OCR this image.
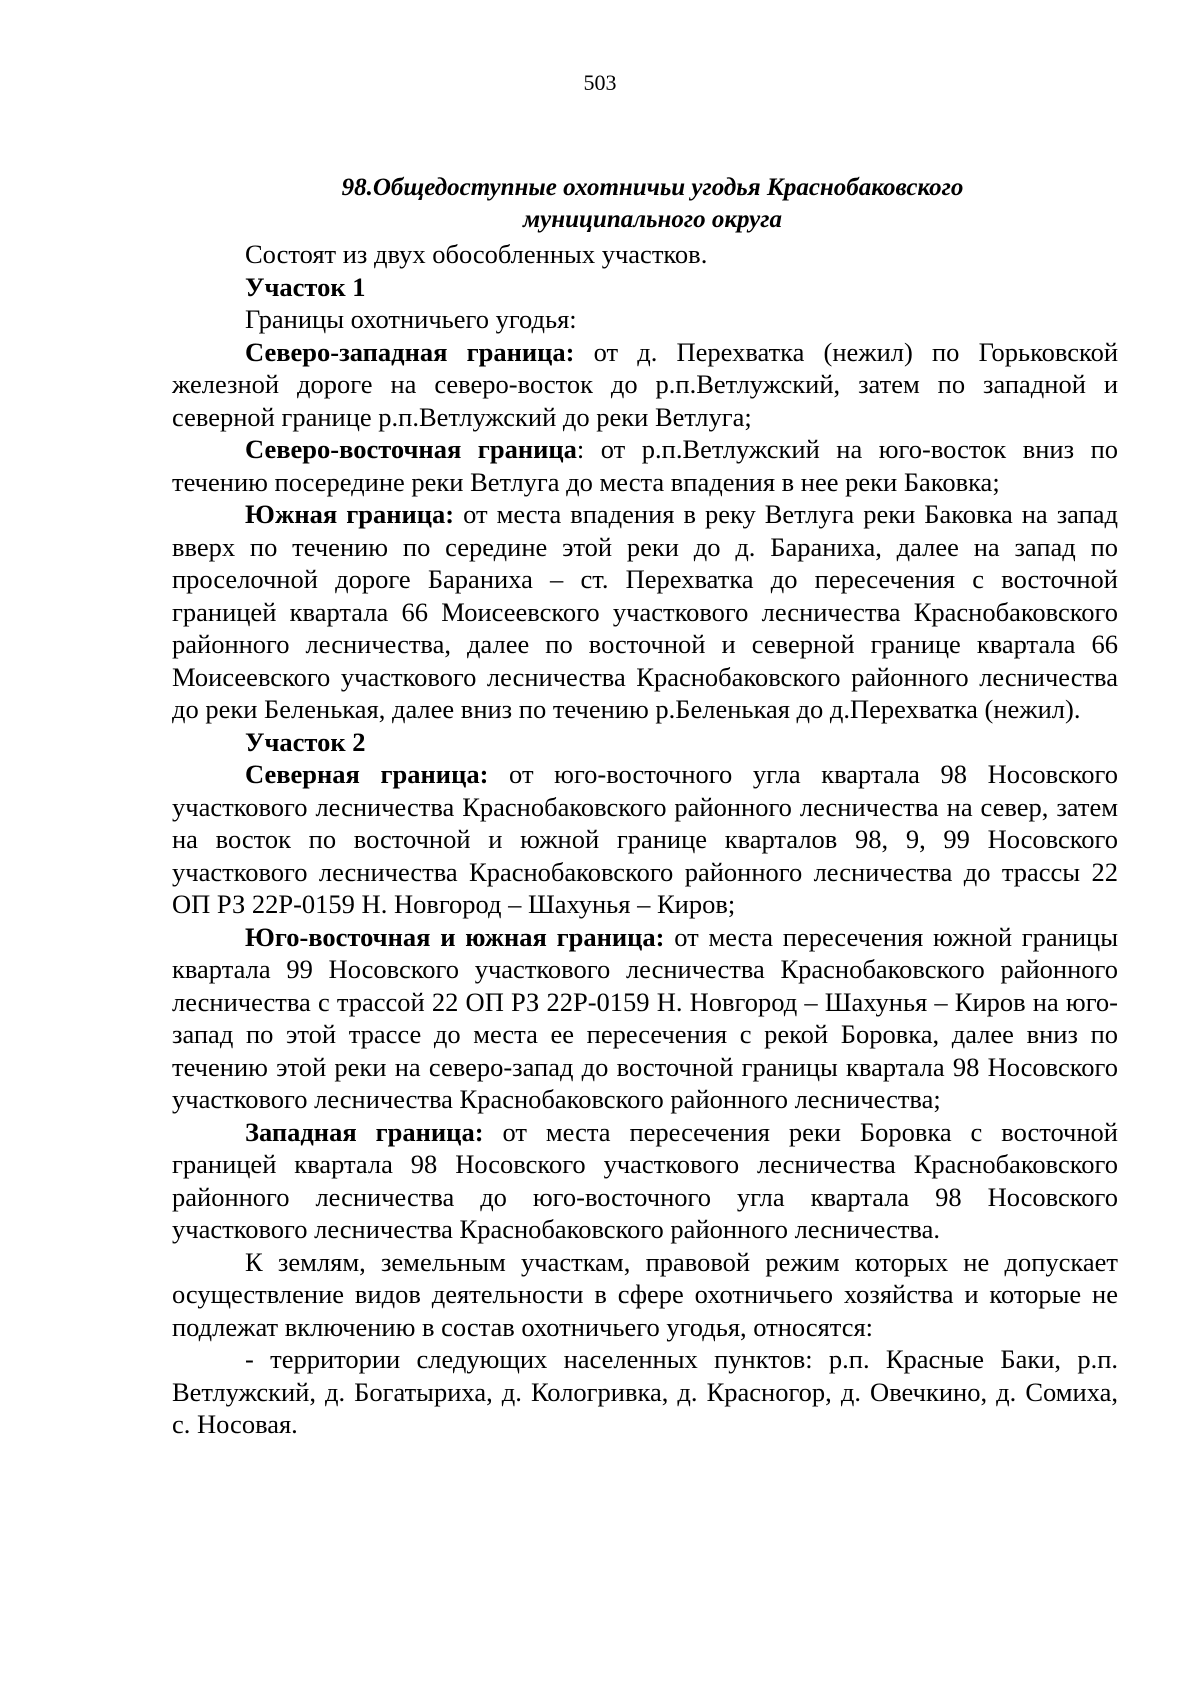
503
98.Общедоступные охотничьи угодья Краснобаковского
муниципального округа

Состоят из двух обособленных участков.

Участок 1

Границы охотничьего угодья:

Северо-западная граница: от д. Перехватка (нежил) по Горьковской железной дороге на северо-восток до р.п.Ветлужский, затем по западной и северной границе р.п.Ветлужский до реки Ветлуга;

Северо-восточная граница: от р.п.Ветлужский на юго-восток вниз по течению посередине реки Ветлуга до места впадения в нее реки Баковка;

Южная граница: от места впадения в реку Ветлуга реки Баковка на запад вверх по течению по середине этой реки до д. Бараниха, далее на запад по проселочной дороге Бараниха – ст. Перехватка до пересечения с восточной границей квартала 66 Моисеевского участкового лесничества Краснобаковского районного лесничества, далее по восточной и северной границе квартала 66 Моисеевского участкового лесничества Краснобаковского районного лесничества до реки Беленькая, далее вниз по течению р.Беленькая до д.Перехватка (нежил).

Участок 2

Северная граница: от юго-восточного угла квартала 98 Носовского участкового лесничества Краснобаковского районного лесничества на север, затем на восток по восточной и южной границе кварталов 98, 9, 99 Носовского участкового лесничества Краснобаковского районного лесничества до трассы 22 ОП РЗ 22Р-0159 Н. Новгород – Шахунья – Киров;

Юго-восточная и южная граница: от места пересечения южной границы квартала 99 Носовского участкового лесничества Краснобаковского районного лесничества с трассой 22 ОП РЗ 22Р-0159 Н. Новгород – Шахунья – Киров на юго-запад по этой трассе до места ее пересечения с рекой Боровка, далее вниз по течению этой реки на северо-запад до восточной границы квартала 98 Носовского участкового лесничества Краснобаковского районного лесничества;

Западная граница: от места пересечения реки Боровка с восточной границей квартала 98 Носовского участкового лесничества Краснобаковского районного лесничества до юго-восточного угла квартала 98 Носовского участкового лесничества Краснобаковского районного лесничества.

К землям, земельным участкам, правовой режим которых не допускает осуществление видов деятельности в сфере охотничьего хозяйства и которые не подлежат включению в состав охотничьего угодья, относятся:

- территории следующих населенных пунктов: р.п. Красные Баки, р.п. Ветлужский, д. Богатыриха, д. Кологривка, д. Красногор, д. Овечкино, д. Сомиха, с. Носовая.
